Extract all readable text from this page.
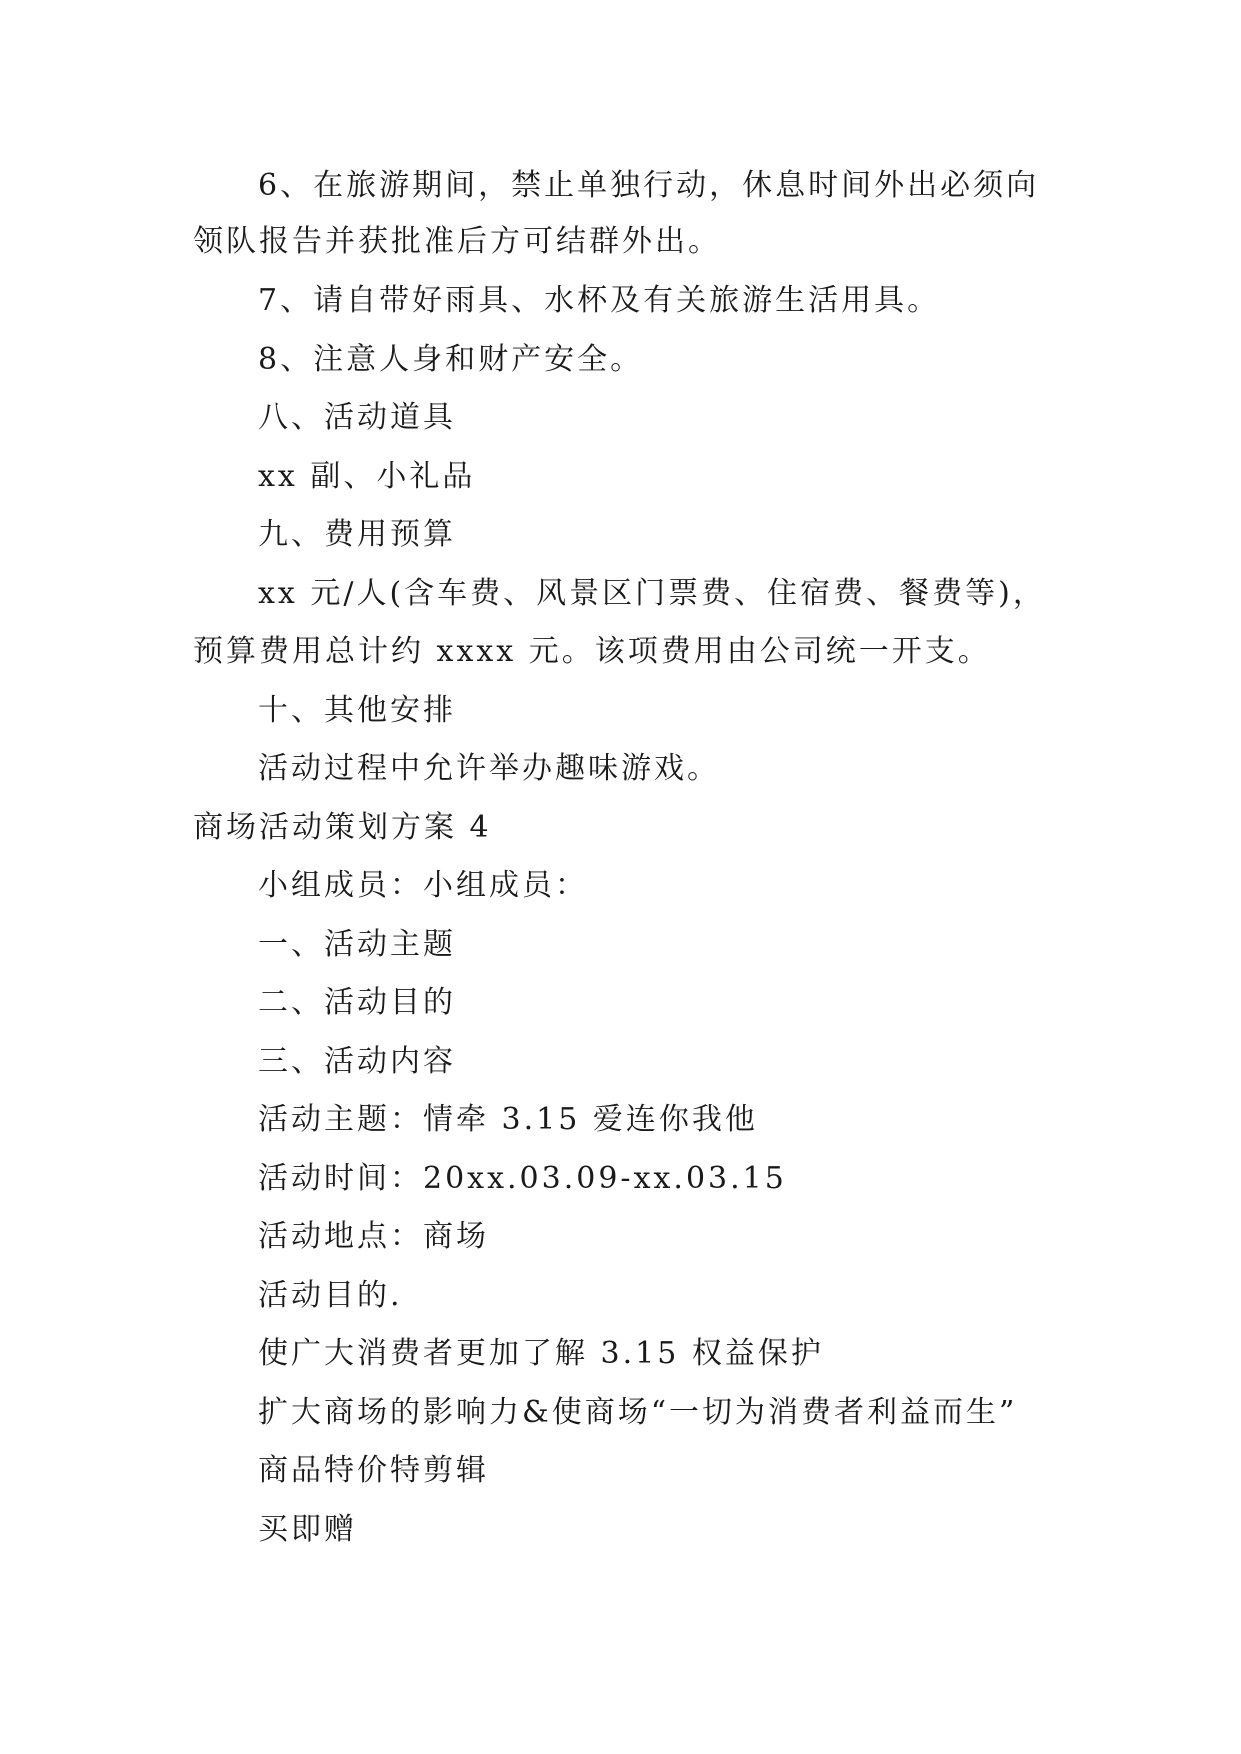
6、在旅游期间，禁止单独行动，休息时间外出必须向
领队报告并获批准后方可结群外出。
7、请自带好雨具、水杯及有关旅游生活用具。
8、注意人身和财产安全。
八、活动道具
xx 副、小礼品
九、费用预算
xx 元/人(含车费、风景区门票费、住宿费、餐费等)，
预算费用总计约 xxxx 元。该项费用由公司统一开支。
十、其他安排
活动过程中允许举办趣味游戏。
商场活动策划方案 4
小组成员：小组成员：
一、活动主题
二、活动目的
三、活动内容
活动主题：情牵 3.15 爱连你我他
活动时间：20xx.03.09-xx.03.15
活动地点：商场
活动目的.
使广大消费者更加了解 3.15 权益保护
扩大商场的影响力&使商场“一切为消费者利益而生”
商品特价特剪辑
买即赠
